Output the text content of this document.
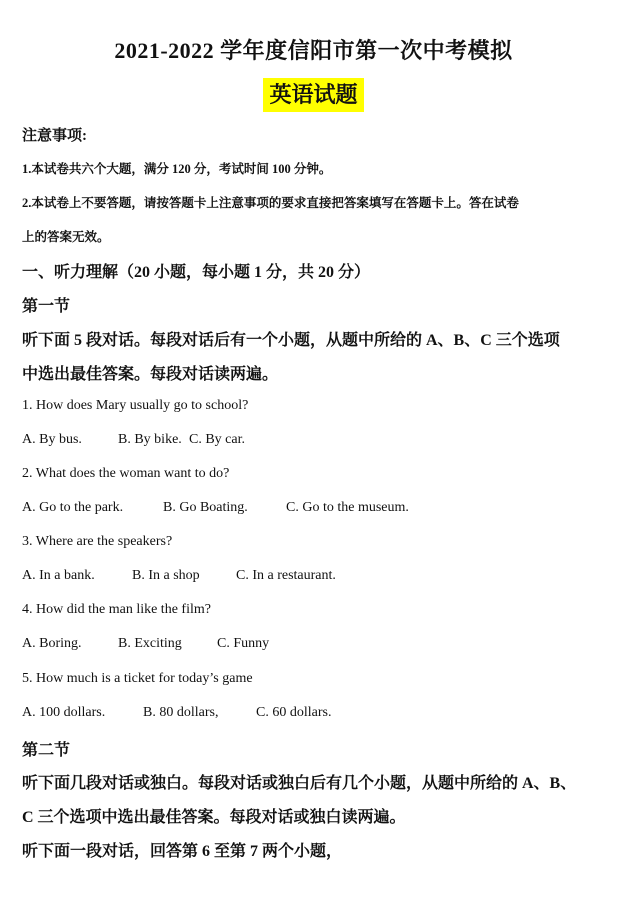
2021-2022 学年度信阳市第一次中考模拟
英语试题
注意事项:
1.本试卷共六个大题，满分 120 分，考试时间 100 分钟。
2.本试卷上不要答题，请按答题卡上注意事项的要求直接把答案填写在答题卡上。答在试卷
上的答案无效。
一、听力理解（20 小题，每小题 1 分，共 20 分）
第一节
听下面 5 段对话。每段对话后有一个小题，从题中所给的 A、B、C 三个选项
中选出最佳答案。每段对话读两遍。
1. How does Mary usually go to school?
A. By bus.	B. By bike. C. By car.
2. What does the woman want to do?
A. Go to the park.	B. Go Boating.	C. Go to the museum.
3. Where are the speakers?
A. In a bank.	B. In a shop	C. In a restaurant.
4. How did the man like the film?
A. Boring.	B. Exciting	C. Funny
5. How much is a ticket for today’s game
A. 100 dollars.	B. 80 dollars,	C. 60 dollars.
第二节
听下面几段对话或独白。每段对话或独白后有几个小题，从题中所给的 A、B、
C 三个选项中选出最佳答案。每段对话或独白读两遍。
听下面一段对话，回答第 6 至第 7 两个小题，
